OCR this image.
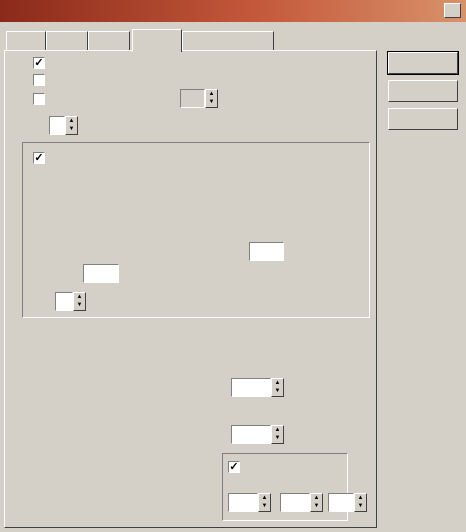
✓
▲
▼
▲
▼
✓
▲
▼
▲
▼
▲
▼
✓
▲
▼
▲
▼
▲
▼
